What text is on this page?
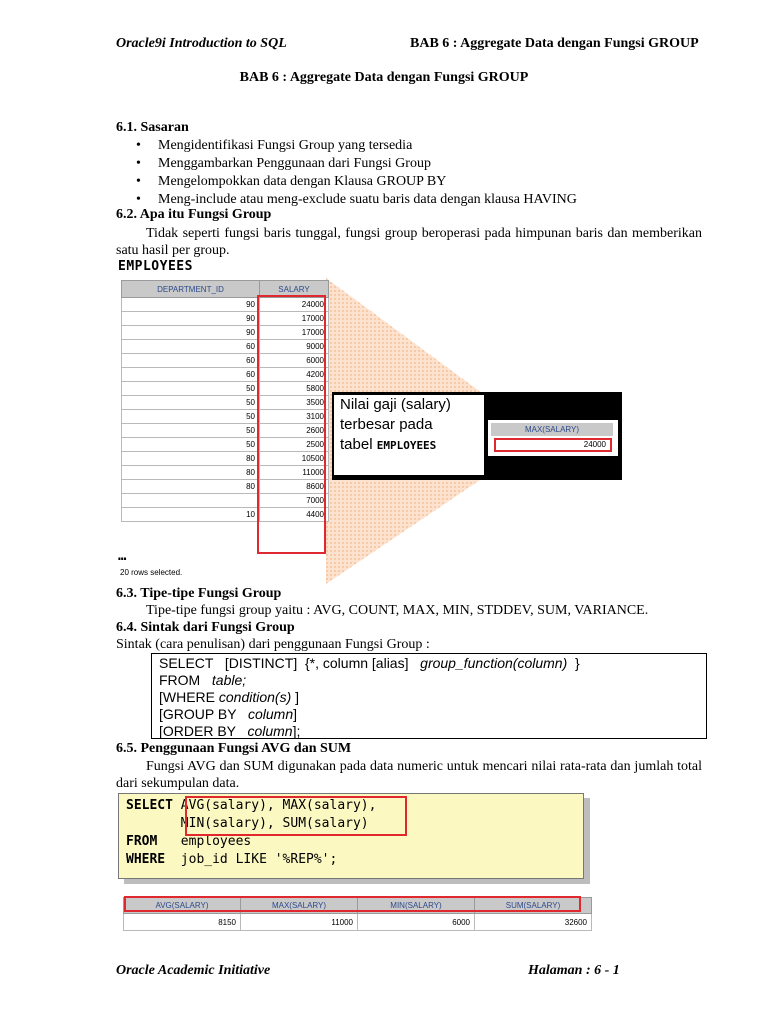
Oracle9i Introduction to SQL	BAB 6 : Aggregate Data dengan Fungsi GROUP
BAB 6 : Aggregate Data dengan Fungsi GROUP
6.1. Sasaran
• Mengidentifikasi Fungsi Group yang tersedia
• Menggambarkan Penggunaan dari Fungsi Group
• Mengelompokkan data dengan Klausa GROUP BY
• Meng-include atau meng-exclude suatu baris data dengan klausa HAVING
6.2. Apa itu Fungsi Group
Tidak seperti fungsi baris tunggal, fungsi group beroperasi pada himpunan baris dan memberikan satu hasil per group.
EMPLOYEES
DEPARTMENT_ID	SALARY
90	24000
90	17000
90	17000
60	9000
60	6000
60	4200
50	5800
50	3500
50	3100
50	2600
50	2500
80	10500
80	11000
80	8600
	7000
10	4400
…
20 rows selected.
Nilai gaji (salary)
terbesar pada
tabel EMPLOYEES
MAX(SALARY)
24000
6.3. Tipe-tipe Fungsi Group
Tipe-tipe fungsi group yaitu : AVG, COUNT, MAX, MIN, STDDEV, SUM, VARIANCE.
6.4. Sintak dari Fungsi Group
Sintak (cara penulisan) dari penggunaan Fungsi Group :
SELECT   [DISTINCT]  {*, column [alias]   group_function(column)  }
FROM   table;
[WHERE condition(s) ]
[GROUP BY   column]
[ORDER BY   column];
6.5. Penggunaan Fungsi AVG dan SUM
Fungsi AVG dan SUM digunakan pada data numeric untuk mencari nilai rata-rata dan jumlah total dari sekumpulan data.
SELECT AVG(salary), MAX(salary),
MIN(salary), SUM(salary)
FROM   employees
WHERE  job_id LIKE '%REP%';
AVG(SALARY)	MAX(SALARY)	MIN(SALARY)	SUM(SALARY)
8150	11000	6000	32600
Oracle Academic Initiative	Halaman : 6 - 1
